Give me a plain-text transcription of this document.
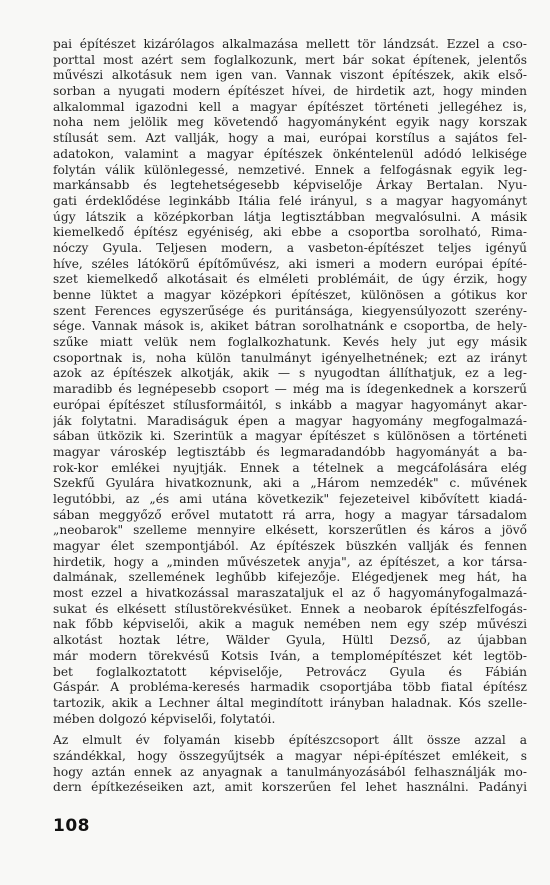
pai építészet kizárólagos alkalmazása mellett tör lándzsát. Ezzel a cso-
porttal most azért sem foglalkozunk, mert bár sokat építenek, jelentős
művészi alkotásuk nem igen van. Vannak viszont építészek, akik első-
sorban a nyugati modern építészet hívei, de hirdetik azt, hogy minden
alkalommal igazodni kell a magyar építészet történeti jellegéhez is,
noha nem jelölik meg követendő hagyományként egyik nagy korszak
stílusát sem. Azt vallják, hogy a mai, európai korstílus a sajátos fel-
adatokon, valamint a magyar építészek önkéntelenül adódó lelkisége
folytán válik különlegessé, nemzetivé. Ennek a felfogásnak egyik leg-
markánsabb és legtehetségesebb képviselője Árkay Bertalan. Nyu-
gati érdeklődése leginkább Itália felé irányul, s a magyar hagyományt
úgy látszik a középkorban látja legtisztábban megvalósulni. A másik
kiemelkedő építész egyéniség, aki ebbe a csoportba sorolható, Rima-
nóczy Gyula. Teljesen modern, a vasbeton-építészet teljes igényű
híve, széles látókörű építőművész, aki ismeri a modern európai építé-
szet kiemelkedő alkotásait és elméleti problémáit, de úgy érzik, hogy
benne lüktet a magyar középkori építészet, különösen a gótikus kor
szent Ferences egyszerűsége és puritánsága, kiegyensúlyozott szerény-
sége. Vannak mások is, akiket bátran sorolhatnánk e csoportba, de hely-
szűke miatt velük nem foglalkozhatunk. Kevés hely jut egy másik
csoportnak is, noha külön tanulmányt igényelhetnének; ezt az irányt
azok az építészek alkotják, akik — s nyugodtan állíthatjuk, ez a leg-
maradibb és legnépesebb csoport — még ma is ídegenkednek a korszerű
európai építészet stílusformáitól, s inkább a magyar hagyományt akar-
ják folytatni. Maradiságuk épen a magyar hagyomány megfogalmazá-
sában ütközik ki. Szerintük a magyar építészet s különösen a történeti
magyar városkép legtisztább és legmaradandóbb hagyományát a ba-
rok-kor emlékei nyujtják. Ennek a tételnek a megcáfolására elég
Szekfű Gyulára hivatkoznunk, aki a „Három nemzedék" c. művének
legutóbbi, az „és ami utána következik" fejezeteivel kibővített kiadá-
sában meggyőző erővel mutatott rá arra, hogy a magyar társadalom
„neobarok" szelleme mennyire elkésett, korszerűtlen és káros a jövő
magyar élet szempontjából. Az építészek büszkén vallják és fennen
hirdetik, hogy a „minden művészetek anyja", az építészet, a kor társa-
dalmának, szellemének leghűbb kifejezője. Elégedjenek meg hát, ha
most ezzel a hivatkozással maraszataljuk el az ő hagyományfogalmazá-
sukat és elkésett stílustörekvésüket. Ennek a neobarok építészfelfogás-
nak főbb képviselői, akik a maguk nemében nem egy szép művészi
alkotást hoztak létre, Wälder Gyula, Hültl Dezső, az újabban
már modern törekvésű Kotsis Iván, a templomépítészet két legtöb-
bet foglalkoztatott képviselője, Petrovácz Gyula és Fábián
Gáspár. A probléma-keresés harmadik csoportjába több fiatal építész
tartozik, akik a Lechner által megindított irányban haladnak. Kós szelle-
mében dolgozó képviselői, folytatói.
Az elmult év folyamán kisebb építészcsoport állt össze azzal a
szándékkal, hogy összegyűjtsék a magyar népi-építészet emlékeit, s
hogy aztán ennek az anyagnak a tanulmányozásából felhasználják mo-
dern építkezéseiken azt, amit korszerűen fel lehet használni. Padányi
108
